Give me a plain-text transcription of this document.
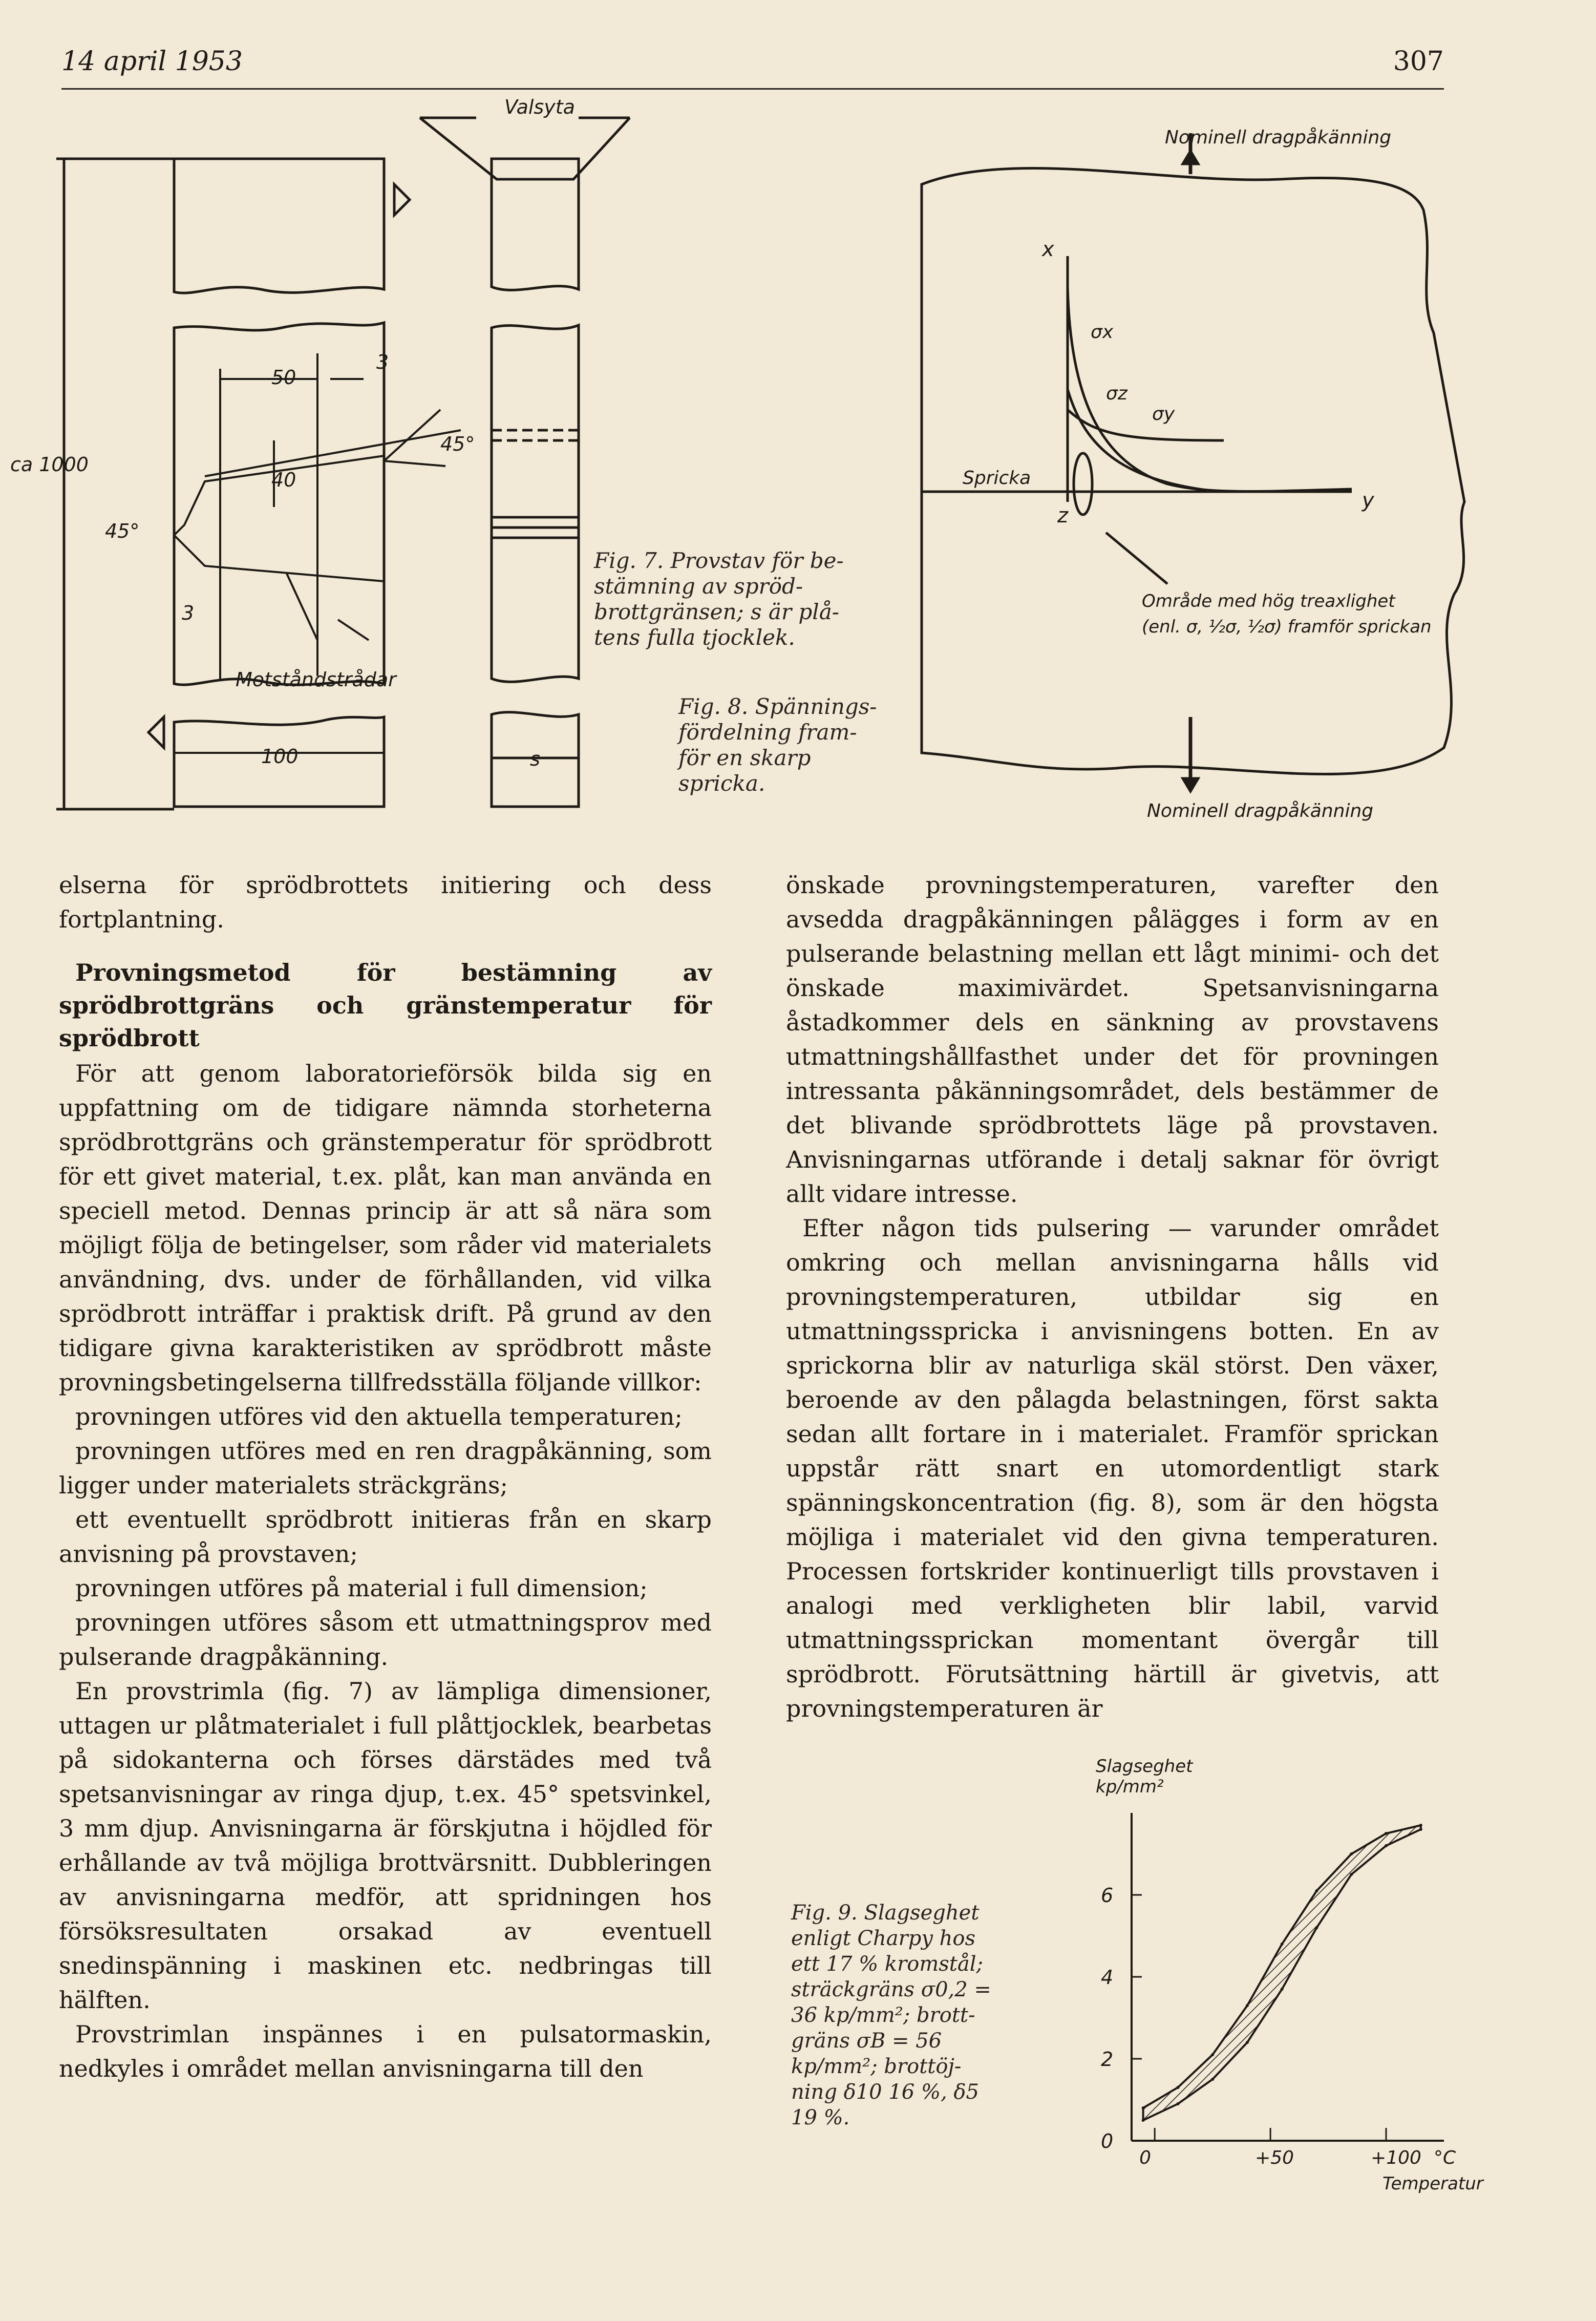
14 april 1953	307
Valsyta
ca 1000
50
3
40
45°
45°
3
Motståndstrådar
100	s
Nominell dragpåkänning
x
σx
σz
σy
Spricka
z
y
Område med hög treaxlighet
(enl. σ, ½σ, ½σ) framför sprickan
Nominell dragpåkänning
Fig. 7. Provstav för be-
stämning av spröd-
brottgränsen; s är plå-
tens fulla tjocklek.
Fig. 8. Spännings-
fördelning fram-
för en skarp
spricka.

elserna för sprödbrottets initiering och dess fortplantning.

Provningsmetod för bestämning av sprödbrottgräns och gränstemperatur för sprödbrott

För att genom laboratorieförsök bilda sig en uppfattning om de tidigare nämnda storheterna sprödbrottgräns och gränstemperatur för sprödbrott för ett givet material, t.ex. plåt, kan man använda en speciell metod. Dennas princip är att så nära som möjligt följa de betingelser, som råder vid materialets användning, dvs. under de förhållanden, vid vilka sprödbrott inträffar i praktisk drift. På grund av den tidigare givna karakteristiken av sprödbrott måste provningsbetingelserna tillfredsställa följande villkor:

provningen utföres vid den aktuella temperaturen;

provningen utföres med en ren dragpåkänning, som ligger under materialets sträckgräns;

ett eventuellt sprödbrott initieras från en skarp anvisning på provstaven;

provningen utföres på material i full dimension;

provningen utföres såsom ett utmattningsprov med pulserande dragpåkänning.

En provstrimla (fig. 7) av lämpliga dimensioner, uttagen ur plåtmaterialet i full plåttjocklek, bearbetas på sidokanterna och förses därstädes med två spetsanvisningar av ringa djup, t.ex. 45° spetsvinkel, 3 mm djup. Anvisningarna är förskjutna i höjdled för erhållande av två möjliga brottvärsnitt. Dubbleringen av anvisningarna medför, att spridningen hos försöksresultaten orsakad av eventuell snedinspänning i maskinen etc. nedbringas till hälften.

Provstrimlan inspännes i en pulsatormaskin, nedkyles i området mellan anvisningarna till den

önskade provningstemperaturen, varefter den avsedda dragpåkänningen pålägges i form av en pulserande belastning mellan ett lågt minimi- och det önskade maximivärdet. Spetsanvisningarna åstadkommer dels en sänkning av provstavens utmattningshållfasthet under det för provningen intressanta påkänningsområdet, dels bestämmer de det blivande sprödbrottets läge på provstaven. Anvisningarnas utförande i detalj saknar för övrigt allt vidare intresse.

Efter någon tids pulsering — varunder området omkring och mellan anvisningarna hålls vid provningstemperaturen, utbildar sig en utmattningsspricka i anvisningens botten. En av sprickorna blir av naturliga skäl störst. Den växer, beroende av den pålagda belastningen, först sakta sedan allt fortare in i materialet. Framför sprickan uppstår rätt snart en utomordentligt stark spänningskoncentration (fig. 8), som är den högsta möjliga i materialet vid den givna temperaturen. Processen fortskrider kontinuerligt tills provstaven i analogi med verkligheten blir labil, varvid utmattningssprickan momentant övergår till sprödbrott. Förutsättning härtill är givetvis, att provningstemperaturen är

Fig. 9. Slagseghet
enligt Charpy hos
ett 17 % kromstål;
sträckgräns σ0,2 =
36 kp/mm²; brott-
gräns σB = 56
kp/mm²; brottöj-
ning δ10 16 %, δ5
19 %.
Slagseghet
kp/mm²
0
2
4
6
0	+50	+100 °C
Temperatur
